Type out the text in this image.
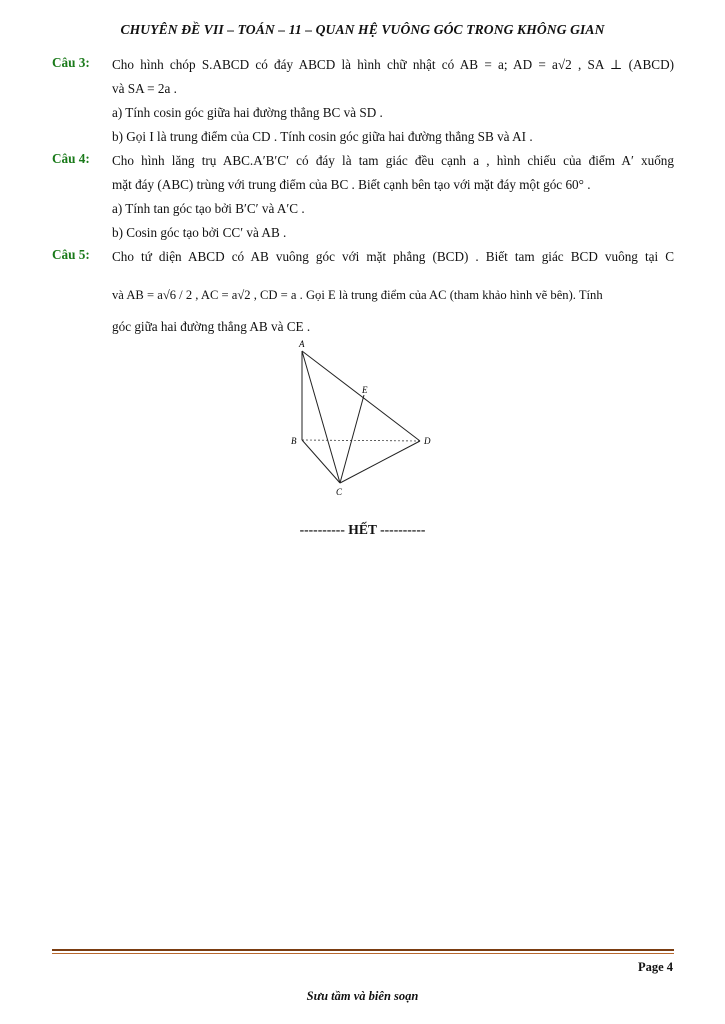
CHUYÊN ĐỀ VII – TOÁN – 11 – QUAN HỆ VUÔNG GÓC TRONG KHÔNG GIAN
Câu 3: Cho hình chóp S.ABCD có đáy ABCD là hình chữ nhật có AB = a; AD = a√2 , SA ⊥ (ABCD)
và SA = 2a .
a) Tính cosin góc giữa hai đường thẳng BC và SD .
b) Gọi I là trung điểm của CD . Tính cosin góc giữa hai đường thẳng SB và AI .
Câu 4: Cho hình lăng trụ ABC.A′B′C′ có đáy là tam giác đều cạnh a , hình chiếu của điểm A′ xuống
mặt đáy (ABC) trùng với trung điểm của BC . Biết cạnh bên tạo với mặt đáy một góc 60° .
a) Tính tan góc tạo bởi B′C′ và A′C .
b) Cosin góc tạo bởi CC′ và AB .
Câu 5: Cho tứ diện ABCD có AB vuông góc với mặt phẳng (BCD) . Biết tam giác BCD vuông tại C
và AB = a√6 / 2 , AC = a√2 , CD = a . Gọi E là trung điểm của AC (tham khảo hình vẽ bên). Tính
góc giữa hai đường thẳng AB và CE .
A
B
C
D
E
---------- HẾT ----------
Page 4
Sưu tầm và biên soạn
